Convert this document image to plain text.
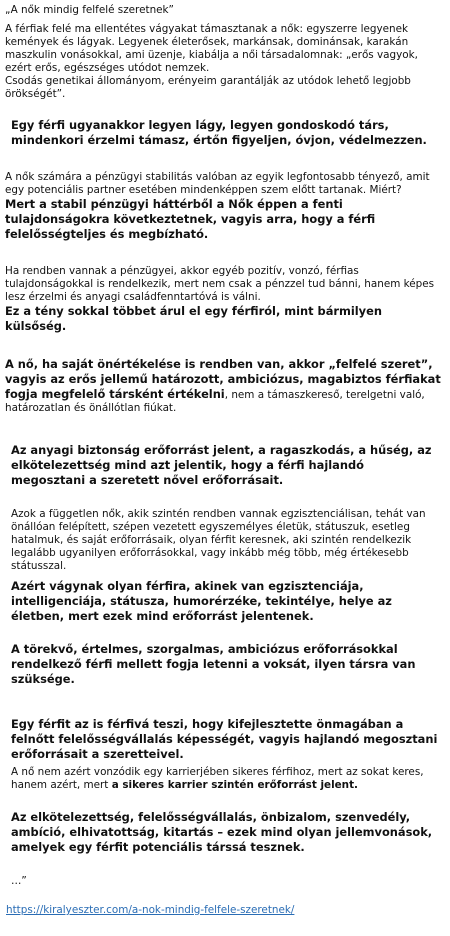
„A nők mindig felfelé szeretnek”

A férfiak felé ma ellentétes vágyakat támasztanak a nők: egyszerre legyenek kemények és lágyak. Legyenek életerősek, markánsak, dominánsak, karakán maszkulin vonásokkal, ami üzenje, kiabálja a női társadalomnak: „erős vagyok, ezért erős, egészséges utódot nemzek.

Csodás genetikai állományom, erényeim garantálják az utódok lehető legjobb örökségét”.

Egy férfi ugyanakkor legyen lágy, legyen gondoskodó társ, mindenkori érzelmi támasz, értőn figyeljen, óvjon, védelmezzen.

A nők számára a pénzügyi stabilitás valóban az egyik legfontosabb tényező, amit egy potenciális partner esetében mindenképpen szem előtt tartanak. Miért?

Mert a stabil pénzügyi háttérből a Nők éppen a fenti tulajdonságokra következtetnek, vagyis arra, hogy a férfi felelősségteljes és megbízható.

Ha rendben vannak a pénzügyei, akkor egyéb pozitív, vonzó, férfias tulajdonságokkal is rendelkezik, mert nem csak a pénzzel tud bánni, hanem képes lesz érzelmi és anyagi családfenntartóvá is válni.

Ez a tény sokkal többet árul el egy férfiról, mint bármilyen külsőség.

A nő, ha saját önértékelése is rendben van, akkor „felfelé szeret”, vagyis az erős jellemű határozott, ambiciózus, magabiztos férfiakat fogja megfelelő társként értékelni, nem a támaszkereső, terelgetni való, határozatlan és önállótlan fiúkat.

Az anyagi biztonság erőforrást jelent, a ragaszkodás, a hűség, az elkötelezettség mind azt jelentik, hogy a férfi hajlandó megosztani a szeretett nővel erőforrásait.

Azok a független nők, akik szintén rendben vannak egzisztenciálisan, tehát van önállóan felépített, szépen vezetett egyszemélyes életük, státuszuk, esetleg hatalmuk, és saját erőforrásaik, olyan férfit keresnek, aki szintén rendelkezik legalább ugyanilyen erőforrásokkal, vagy inkább még több, még értékesebb státusszal.

Azért vágynak olyan férfira, akinek van egzisztenciája, intelligenciája, státusza, humorérzéke, tekintélye, helye az életben, mert ezek mind erőforrást jelentenek.

A törekvő, értelmes, szorgalmas, ambiciózus erőforrásokkal rendelkező férfi mellett fogja letenni a voksát, ilyen társra van szüksége.

Egy férfit az is férfivá teszi, hogy kifejlesztette önmagában a felnőtt felelősségvállalás képességét, vagyis hajlandó megosztani erőforrásait a szeretteivel.

A nő nem azért vonzódik egy karrierjében sikeres férfihoz, mert az sokat keres, hanem azért, mert a sikeres karrier szintén erőforrást jelent.

Az elkötelezettség, felelősségvállalás, önbizalom, szenvedély, ambíció, elhivatottság, kitartás – ezek mind olyan jellemvonások, amelyek egy férfit potenciális társsá tesznek.

…”

https://kiralyeszter.com/a-nok-mindig-felfele-szeretnek/
